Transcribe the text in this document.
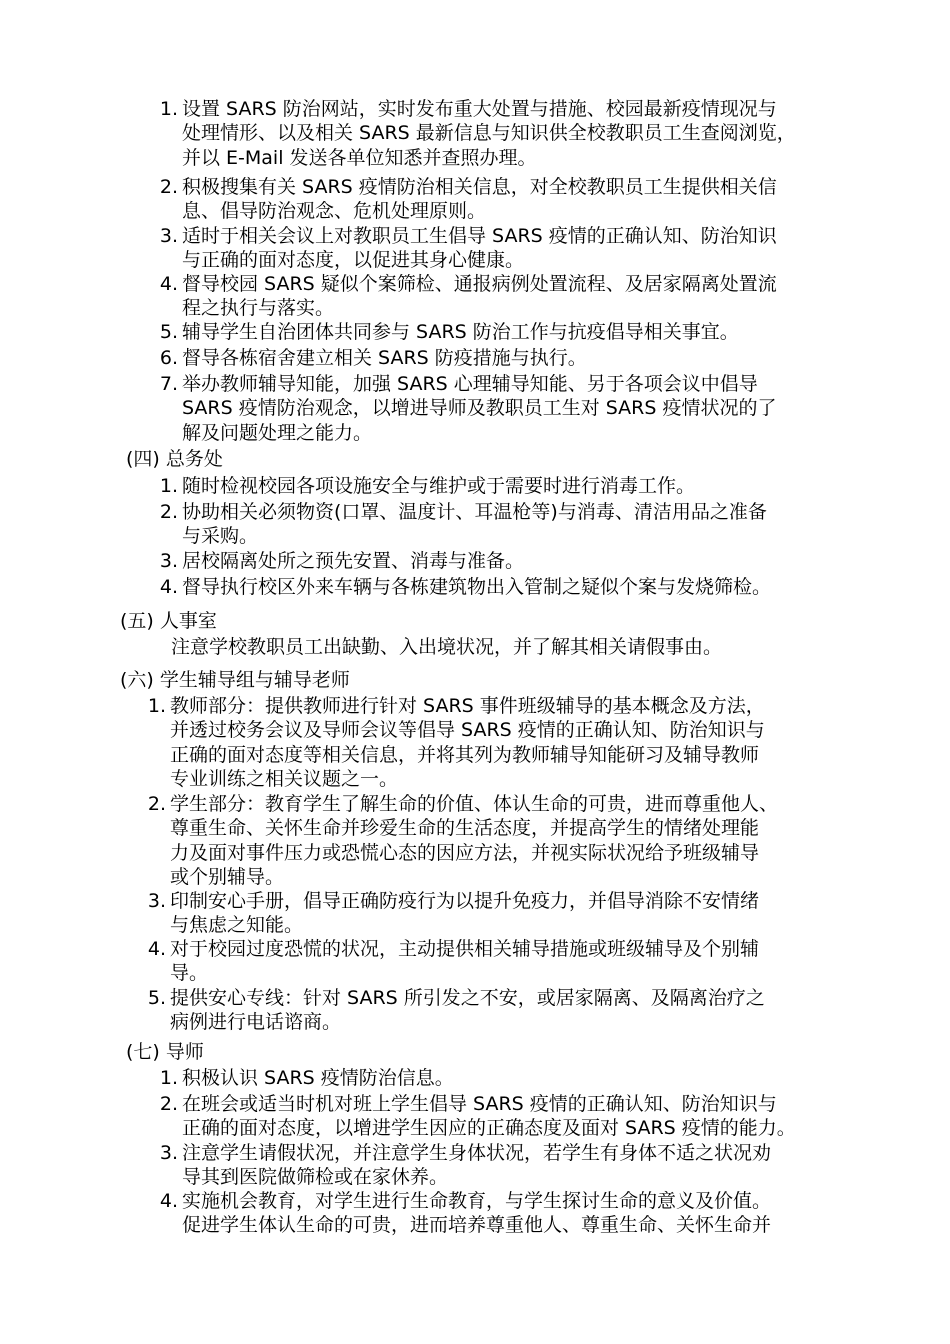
1. 设置 SARS 防治网站，实时发布重大处置与措施、校园最新疫情现况与
处理情形、以及相关 SARS 最新信息与知识供全校教职员工生查阅浏览，
并以 E-Mail 发送各单位知悉并查照办理。
2. 积极搜集有关 SARS 疫情防治相关信息，对全校教职员工生提供相关信
息、倡导防治观念、危机处理原则。
3. 适时于相关会议上对教职员工生倡导 SARS 疫情的正确认知、防治知识
与正确的面对态度，以促进其身心健康。
4. 督导校园 SARS 疑似个案筛检、通报病例处置流程、及居家隔离处置流
程之执行与落实。
5. 辅导学生自治团体共同参与 SARS 防治工作与抗疫倡导相关事宜。
6. 督导各栋宿舍建立相关 SARS 防疫措施与执行。
7. 举办教师辅导知能，加强 SARS 心理辅导知能、另于各项会议中倡导
SARS 疫情防治观念，以增进导师及教职员工生对 SARS 疫情状况的了
解及问题处理之能力。
(四) 总务处
1. 随时检视校园各项设施安全与维护或于需要时进行消毒工作。
2. 协助相关必须物资(口罩、温度计、耳温枪等)与消毒、清洁用品之准备
与采购。
3. 居校隔离处所之预先安置、消毒与准备。
4. 督导执行校区外来车辆与各栋建筑物出入管制之疑似个案与发烧筛检。
(五) 人事室
注意学校教职员工出缺勤、入出境状况，并了解其相关请假事由。
(六) 学生辅导组与辅导老师
1. 教师部分：提供教师进行针对 SARS 事件班级辅导的基本概念及方法，
并透过校务会议及导师会议等倡导 SARS 疫情的正确认知、防治知识与
正确的面对态度等相关信息，并将其列为教师辅导知能研习及辅导教师
专业训练之相关议题之一。
2. 学生部分：教育学生了解生命的价值、体认生命的可贵，进而尊重他人、
尊重生命、关怀生命并珍爱生命的生活态度，并提高学生的情绪处理能
力及面对事件压力或恐慌心态的因应方法，并视实际状况给予班级辅导
或个别辅导。
3. 印制安心手册，倡导正确防疫行为以提升免疫力，并倡导消除不安情绪
与焦虑之知能。
4. 对于校园过度恐慌的状况，主动提供相关辅导措施或班级辅导及个别辅
导。
5. 提供安心专线：针对 SARS 所引发之不安，或居家隔离、及隔离治疗之
病例进行电话谘商。
(七) 导师
1. 积极认识 SARS 疫情防治信息。
2. 在班会或适当时机对班上学生倡导 SARS 疫情的正确认知、防治知识与
正确的面对态度，以增进学生因应的正确态度及面对 SARS 疫情的能力。
3. 注意学生请假状况，并注意学生身体状况，若学生有身体不适之状况劝
导其到医院做筛检或在家休养。
4. 实施机会教育，对学生进行生命教育，与学生探讨生命的意义及价值。
促进学生体认生命的可贵，进而培养尊重他人、尊重生命、关怀生命并
